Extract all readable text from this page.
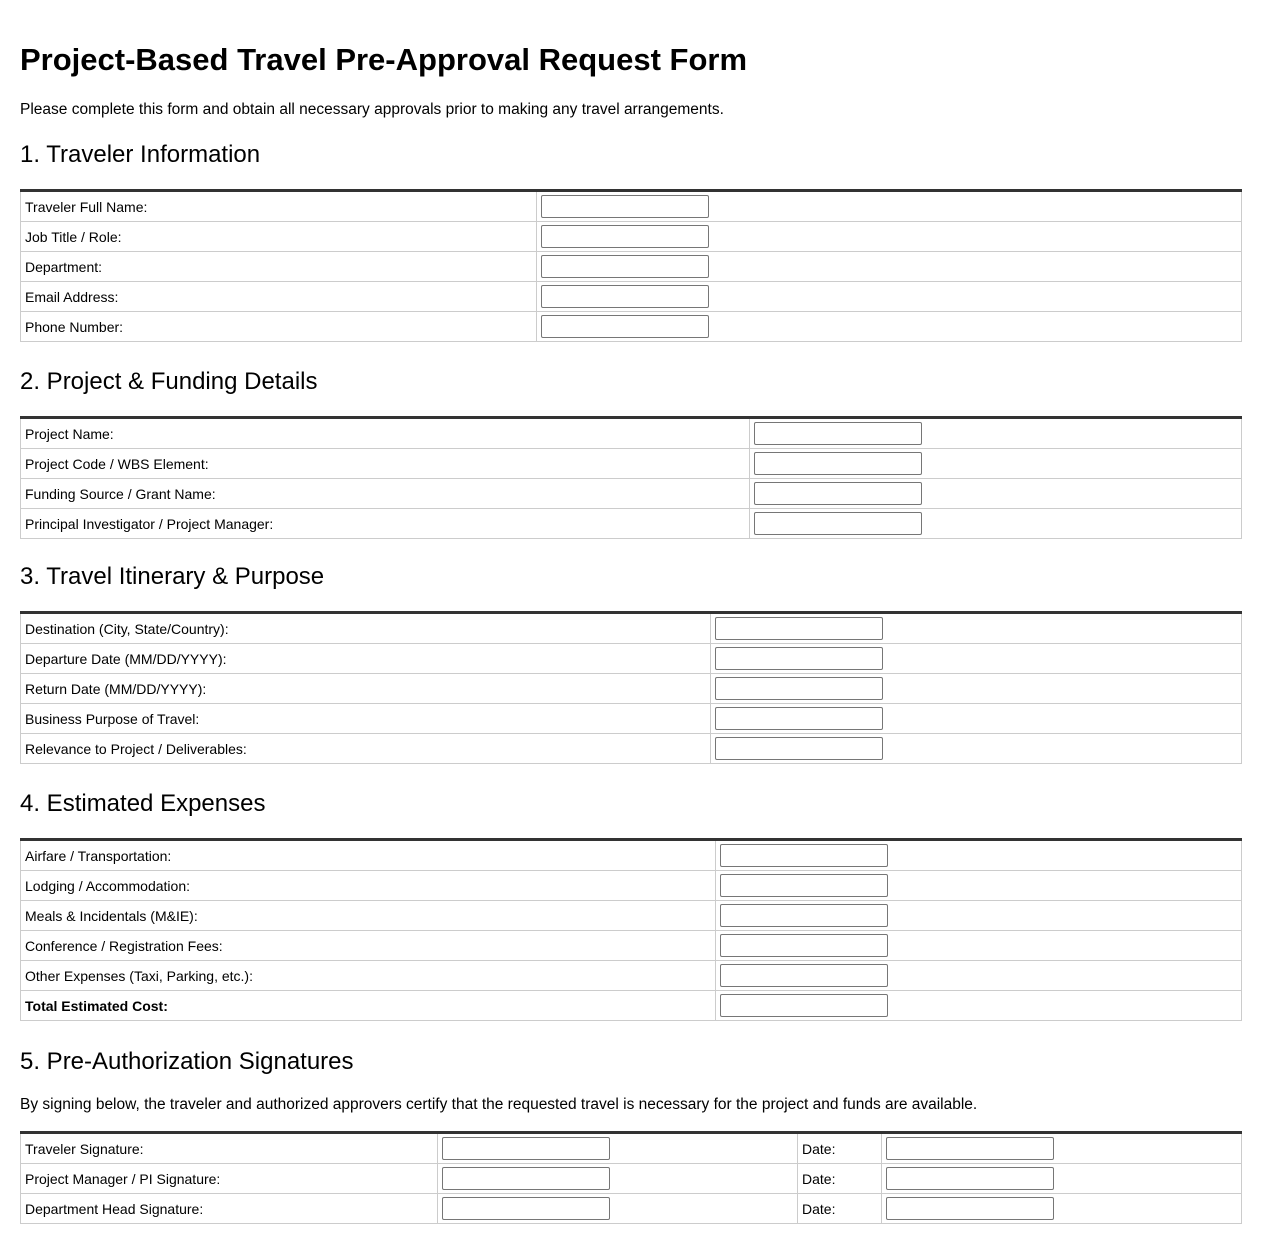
Project-Based Travel Pre-Approval Request Form

Please complete this form and obtain all necessary approvals prior to making any travel arrangements.

1. Traveler Information
Traveler Full Name:	

Job Title / Role:	

Department:	

Email Address:	

Phone Number:	
2. Project & Funding Details
Project Name:	

Project Code / WBS Element:	

Funding Source / Grant Name:	

Principal Investigator / Project Manager:	
3. Travel Itinerary & Purpose
Destination (City, State/Country):	

Departure Date (MM/DD/YYYY):	

Return Date (MM/DD/YYYY):	

Business Purpose of Travel:	

Relevance to Project / Deliverables:	
4. Estimated Expenses
Airfare / Transportation:	

Lodging / Accommodation:	

Meals & Incidentals (M&IE):	

Conference / Registration Fees:	

Other Expenses (Taxi, Parking, etc.):	

Total Estimated Cost:	
5. Pre-Authorization Signatures

By signing below, the traveler and authorized approvers certify that the requested travel is necessary for the project and funds are available.

Traveler Signature:		Date:	

Project Manager / PI Signature:		Date:	

Department Head Signature:		Date:	
